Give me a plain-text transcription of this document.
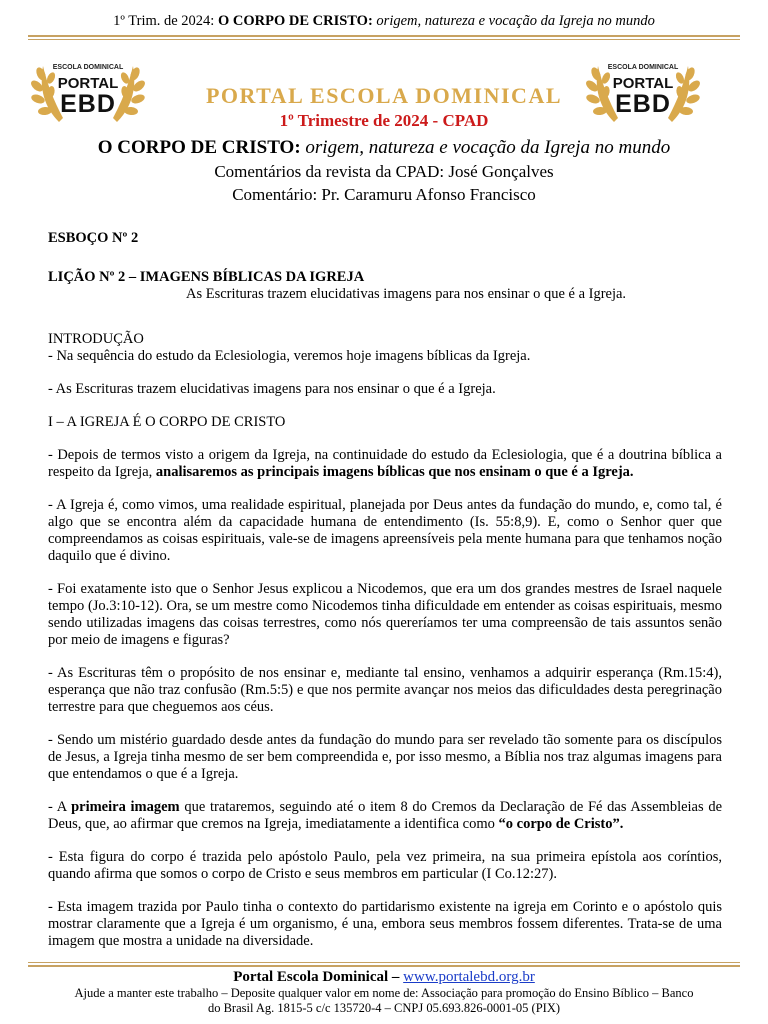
1º Trim. de 2024: O CORPO DE CRISTO: origem, natureza e vocação da Igreja no mundo
ESCOLA DOMINICAL
PORTAL
EBD	PORTAL ESCOLA DOMINICAL
1º Trimestre de 2024 - CPAD
ESCOLA DOMINICAL
PORTAL
EBD
O CORPO DE CRISTO: origem, natureza e vocação da Igreja no mundo
Comentários da revista da CPAD: José Gonçalves
Comentário: Pr. Caramuru Afonso Francisco

ESBOÇO Nº 2

LIÇÃO Nº 2 – IMAGENS BÍBLICAS DA IGREJA

As Escrituras trazem elucidativas imagens para nos ensinar o que é a Igreja.

INTRODUÇÃO

- Na sequência do estudo da Eclesiologia, veremos hoje imagens bíblicas da Igreja.

- As Escrituras trazem elucidativas imagens para nos ensinar o que é a Igreja.

I – A IGREJA É O CORPO DE CRISTO

- Depois de termos visto a origem da Igreja, na continuidade do estudo da Eclesiologia, que é a doutrina bíblica a respeito da Igreja, analisaremos as principais imagens bíblicas que nos ensinam o que é a Igreja.

- A Igreja é, como vimos, uma realidade espiritual, planejada por Deus antes da fundação do mundo, e, como tal, é algo que se encontra além da capacidade humana de entendimento (Is. 55:8,9). E, como o Senhor quer que compreendamos as coisas espirituais, vale-se de imagens apreensíveis pela mente humana para que tenhamos noção daquilo que é divino.

- Foi exatamente isto que o Senhor Jesus explicou a Nicodemos, que era um dos grandes mestres de Israel naquele tempo (Jo.3:10-12). Ora, se um mestre como Nicodemos tinha dificuldade em entender as coisas espirituais, mesmo sendo utilizadas imagens das coisas terrestres, como nós quereríamos ter uma compreensão de tais assuntos senão por meio de imagens e figuras?

- As Escrituras têm o propósito de nos ensinar e, mediante tal ensino, venhamos a adquirir esperança (Rm.15:4), esperança que não traz confusão (Rm.5:5) e que nos permite avançar nos meios das dificuldades desta peregrinação terrestre para que cheguemos aos céus.

- Sendo um mistério guardado desde antes da fundação do mundo para ser revelado tão somente para os discípulos de Jesus, a Igreja tinha mesmo de ser bem compreendida e, por isso mesmo, a Bíblia nos traz algumas imagens para que entendamos o que é a Igreja.

- A primeira imagem que trataremos, seguindo até o item 8 do Cremos da Declaração de Fé das Assembleias de Deus, que, ao afirmar que cremos na Igreja, imediatamente a identifica como “o corpo de Cristo”.

- Esta figura do corpo é trazida pelo apóstolo Paulo, pela vez primeira, na sua primeira epístola aos coríntios, quando afirma que somos o corpo de Cristo e seus membros em particular (I Co.12:27).

- Esta imagem trazida por Paulo tinha o contexto do partidarismo existente na igreja em Corinto e o apóstolo quis mostrar claramente que a Igreja é um organismo, é una, embora seus membros fossem diferentes. Trata-se de uma imagem que mostra a unidade na diversidade.

Portal Escola Dominical – www.portalebd.org.br
Ajude a manter este trabalho – Deposite qualquer valor em nome de: Associação para promoção do Ensino Bíblico – Banco
do Brasil Ag. 1815-5 c/c 135720-4 – CNPJ 05.693.826-0001-05 (PIX)
